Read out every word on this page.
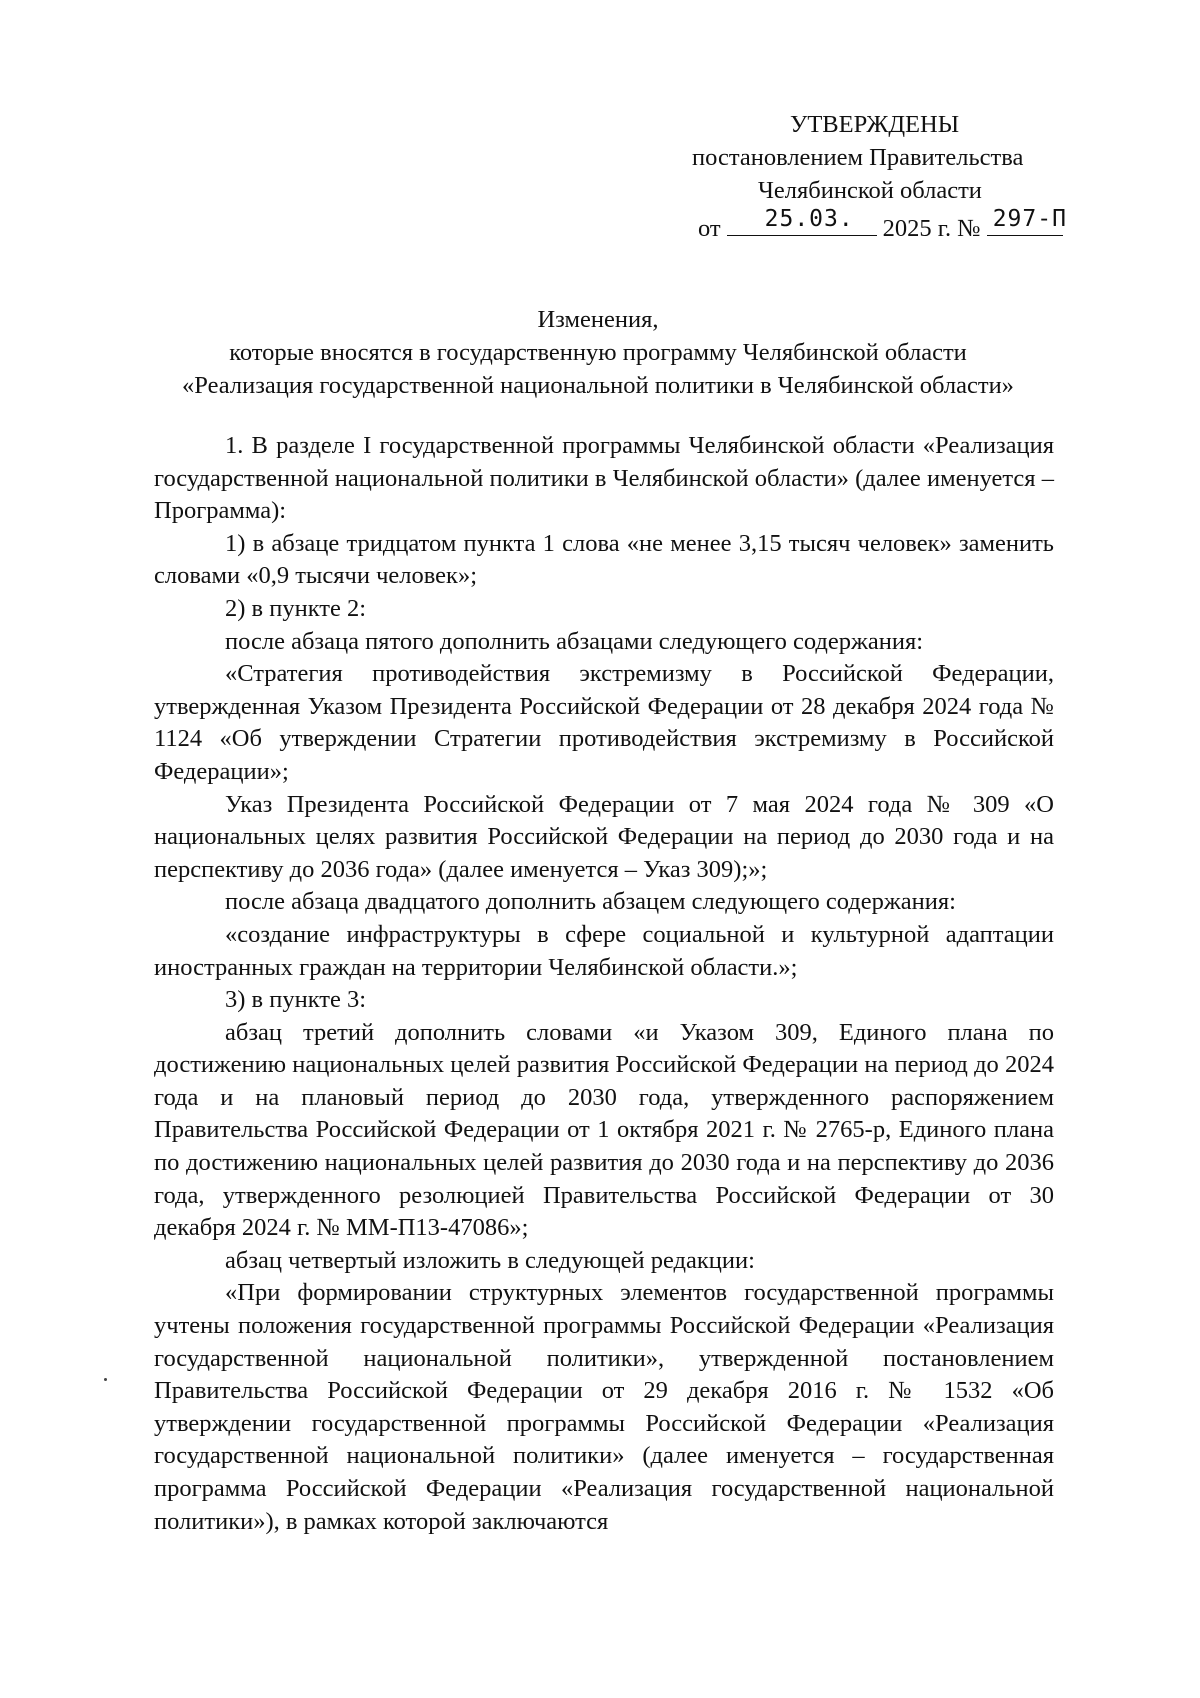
УТВЕРЖДЕНЫ
постановлением Правительства
Челябинской области
от 25.03. 2025 г. № 297-П
Изменения,
которые вносятся в государственную программу Челябинской области
«Реализация государственной национальной политики в Челябинской области»

1. В разделе I государственной программы Челябинской области «Реализация государственной национальной политики в Челябинской области» (далее именуется – Программа):

1) в абзаце тридцатом пункта 1 слова «не менее 3,15 тысяч человек» заменить словами «0,9 тысячи человек»;

2) в пункте 2:

после абзаца пятого дополнить абзацами следующего содержания:

«Стратегия противодействия экстремизму в Российской Федерации, утвержденная Указом Президента Российской Федерации от 28 декабря 2024 года № 1124 «Об утверждении Стратегии противодействия экстремизму в Российской Федерации»;

Указ Президента Российской Федерации от 7 мая 2024 года № 309 «О национальных целях развития Российской Федерации на период до 2030 года и на перспективу до 2036 года» (далее именуется – Указ 309);»;

после абзаца двадцатого дополнить абзацем следующего содержания:

«создание инфраструктуры в сфере социальной и культурной адаптации иностранных граждан на территории Челябинской области.»;

3) в пункте 3:

абзац третий дополнить словами «и Указом 309, Единого плана по достижению национальных целей развития Российской Федерации на период до 2024 года и на плановый период до 2030 года, утвержденного распоряжением Правительства Российской Федерации от 1 октября 2021 г. № 2765-р, Единого плана по достижению национальных целей развития до 2030 года и на перспективу до 2036 года, утвержденного резолюцией Правительства Российской Федерации от 30 декабря 2024 г. № ММ-П13-47086»;

абзац четвертый изложить в следующей редакции:

«При формировании структурных элементов государственной программы учтены положения государственной программы Российской Федерации «Реализация государственной национальной политики», утвержденной постановлением Правительства Российской Федерации от 29 декабря 2016 г. № 1532 «Об утверждении государственной программы Российской Федерации «Реализация государственной национальной политики» (далее именуется – государственная программа Российской Федерации «Реализация государственной национальной политики»), в рамках которой заключаются
